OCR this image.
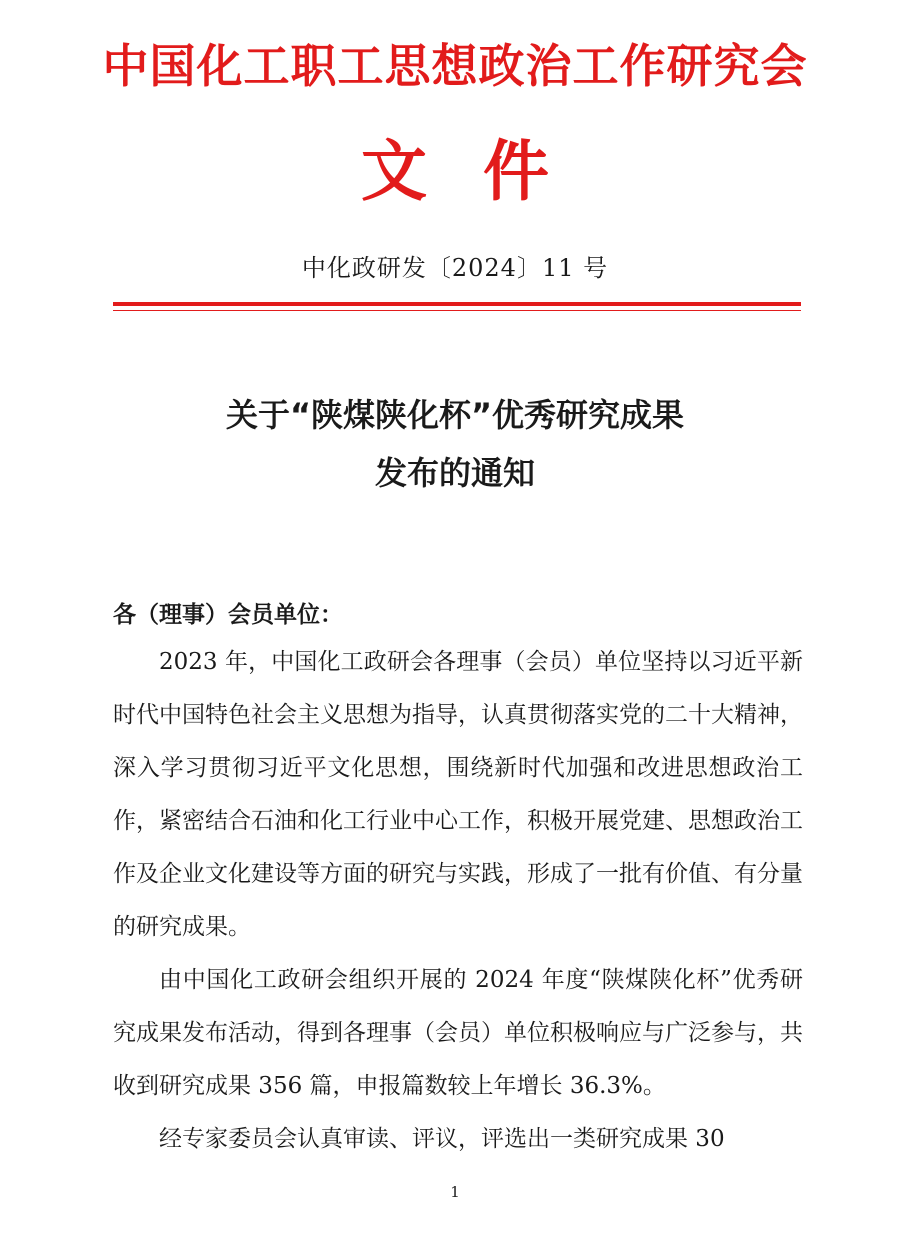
中国化工职工思想政治工作研究会
文件
中化政研发〔2024〕11 号
关于“陕煤陕化杯”优秀研究成果
发布的通知
各（理事）会员单位：

2023 年，中国化工政研会各理事（会员）单位坚持以习近平新时代中国特色社会主义思想为指导，认真贯彻落实党的二十大精神，深入学习贯彻习近平文化思想，围绕新时代加强和改进思想政治工作，紧密结合石油和化工行业中心工作，积极开展党建、思想政治工作及企业文化建设等方面的研究与实践，形成了一批有价值、有分量的研究成果。

由中国化工政研会组织开展的 2024 年度“陕煤陕化杯”优秀研究成果发布活动，得到各理事（会员）单位积极响应与广泛参与，共收到研究成果 356 篇，申报篇数较上年增长 36.3%。

经专家委员会认真审读、评议，评选出一类研究成果 30

1
